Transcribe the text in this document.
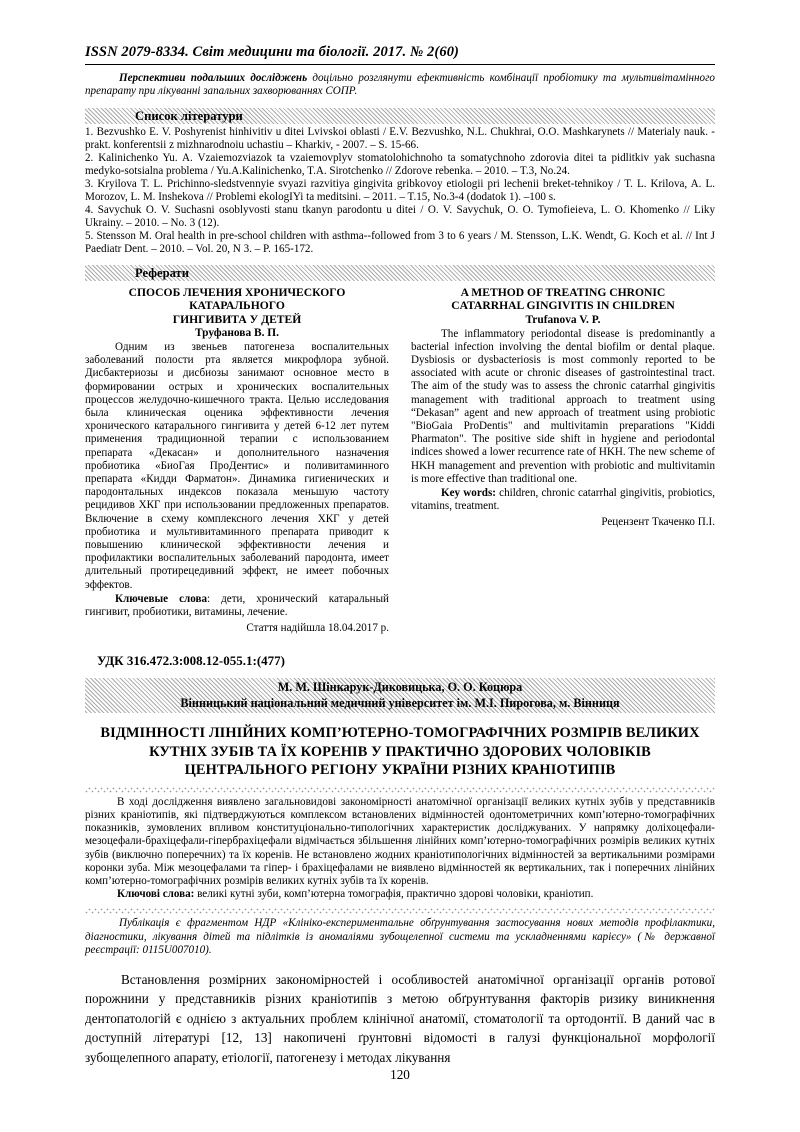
ISSN 2079-8334. Світ медицини та біології. 2017. № 2(60)

Перспективи подальших досліджень доцільно розглянути ефективність комбінації пробіотику та мультивітамінного препарату при лікуванні запальних захворюваннях СОПР.

Список літератури

1. Bezvushko E. V. Poshyrenist hinhivitiv u ditei Lvivskoi oblasti / E.V. Bezvushko, N.L. Chukhrai, O.O. Mashkarynets // Materialy nauk. - prakt. konferentsii z mizhnarodnoiu uchastiu – Kharkiv, - 2007. – S. 15-66.

2. Kalinichenko Yu. A. Vzaiemozviazok ta vzaiemovplyv stomatolohichnoho ta somatychnoho zdorovia ditei ta pidlitkiv yak suchasna medyko-sotsialna problema / Yu.A.Kalinichenko, T.A. Sirotchenko // Zdorove rebenka. – 2010. – T.3, No.24.

3. Kryilova T. L. Prichinno-sledstvennyie svyazi razvitiya gingivita gribkovoy etiologii pri lechenii breket-tehnikoy / T. L. Krilova, A. L. Morozov, L. M. Inshekova // Problemi ekologIYi ta meditsini. – 2011. – T.15, No.3-4 (dodatok 1). –100 s.

4. Savychuk O. V. Suchasni osoblyvosti stanu tkanyn parodontu u ditei / O. V. Savychuk, O. O. Tymofieieva, L. O. Khomenko // Liky Ukrainy. – 2010. – No. 3 (12).

5. Stensson M. Oral health in pre-school children with asthma--followed from 3 to 6 years / M. Stensson, L.K. Wendt, G. Koch et al. // Int J Paediatr Dent. – 2010. – Vol. 20, N 3. – P. 165-172.

Реферати
СПОСОБ ЛЕЧЕНИЯ ХРОНИЧЕСКОГО КАТАРАЛЬНОГО
ГИНГИВИТА У ДЕТЕЙ
Труфанова В. П.

Одним из звеньев патогенеза воспалительных заболеваний полости рта является микрофлора зубной. Дисбактериозы и дисбиозы занимают основное место в формировании острых и хронических воспалительных процессов желудочно-кишечного тракта. Целью исследования была клиническая оценика эффективности лечения хронического катарального гингивита у детей 6-12 лет путем применения традиционной терапии с использованием препарата «Декасан» и дополнительного назначения пробиотика «БиоГая ПроДентис» и поливитаминного препарата «Кидди Фарматон». Динамика гигиенических и пародонтальных индексов показала меньшую частоту рецидивов ХКГ при использовании предложенных препаратов. Включение в схему комплексного лечения ХКГ у детей пробиотика и мультивитаминного препарата приводит к повышению клинической эффективности лечения и профилактики воспалительных заболеваний пародонта, имеет длительный протирецедивний эффект, не имеет побочных эффектов.

Ключевые слова: дети, хронический катаральный гингивит, пробиотики, витамины, лечение.

Стаття надійшла 18.04.2017 р.
A METHOD OF TREATING CHRONIC
CATARRHAL GINGIVITIS IN CHILDREN
Trufanova V. P.

The inflammatory periodontal disease is predominantly a bacterial infection involving the dental biofilm or dental plaque. Dysbiosis or dysbacteriosis is most commonly reported to be associated with acute or chronic diseases of gastrointestinal tract. The aim of the study was to assess the chronic catarrhal gingivitis management with traditional approach to treatment using “Dekasan” agent and new approach of treatment using probiotic "BioGaia ProDentis" and multivitamin preparations "Kiddi Pharmaton". The positive side shift in hygiene and periodontal indices showed a lower recurrence rate of HKH. The new scheme of HKH management and prevention with probiotic and multivitamin is more effective than traditional one.

Key words: children, chronic catarrhal gingivitis, probiotics, vitamins, treatment.

Рецензент Ткаченко П.І.
УДК 316.472.3:008.12-055.1:(477)
М. М. Шінкарук-Диковицька, О. О. Коцюра
Вінницький національний медичний університет ім. М.І. Пирогова, м. Вінниця
ВІДМІННОСТІ ЛІНІЙНИХ КОМП’ЮТЕРНО-ТОМОГРАФІЧНИХ РОЗМІРІВ ВЕЛИКИХ
КУТНІХ ЗУБІВ ТА ЇХ КОРЕНІВ У ПРАКТИЧНО ЗДОРОВИХ ЧОЛОВІКІВ
ЦЕНТРАЛЬНОГО РЕГІОНУ УКРАЇНИ РІЗНИХ КРАНІОТИПІВ

В ході дослідження виявлено загальновидові закономірності анатомічної організації великих кутніх зубів у представників різних краніотипів, які підтверджуються комплексом встановлених відмінностей одонтометричних комп’ютерно-томографічних показників, зумовлених впливом конституціонально-типологічних характеристик досліджуваних. У напрямку доліхоцефали-мезоцефали-брахіцефали-гіпербрахіцефали відмічається збільшення лінійних комп’ютерно-томографічних розмірів великих кутніх зубів (виключно поперечних) та їх коренів. Не встановлено жодних краніотипологічних відмінностей за вертикальними розмірами коронки зуба. Між мезоцефалами та гіпер- і брахіцефалами не виявлено відмінностей як вертикальних, так і поперечних лінійних комп’ютерно-томографічних розмірів великих кутніх зубів та їх коренів.

Ключові слова: великі кутні зуби, комп’ютерна томографія, практично здорові чоловіки, краніотип.

Публікація є фрагментом НДР «Клініко-експериментальне обґрунтування застосування нових методів профілактики, діагностики, лікування дітей та підлітків із аномаліями зубощелепної системи та ускладненнями карієсу» (№ державної реєстрації: 0115U007010).

Встановлення розмірних закономірностей і особливостей анатомічної організації органів ротової порожнини у представників різних краніотипів з метою обґрунтування факторів ризику виникнення дентопатологій є однією з актуальних проблем клінічної анатомії, стоматології та ортодонтії. В даний час в доступній літературі [12, 13] накопичені ґрунтовні відомості в галузі функціональної морфології зубощелепного апарату, етіології, патогенезу і методах лікування

120
